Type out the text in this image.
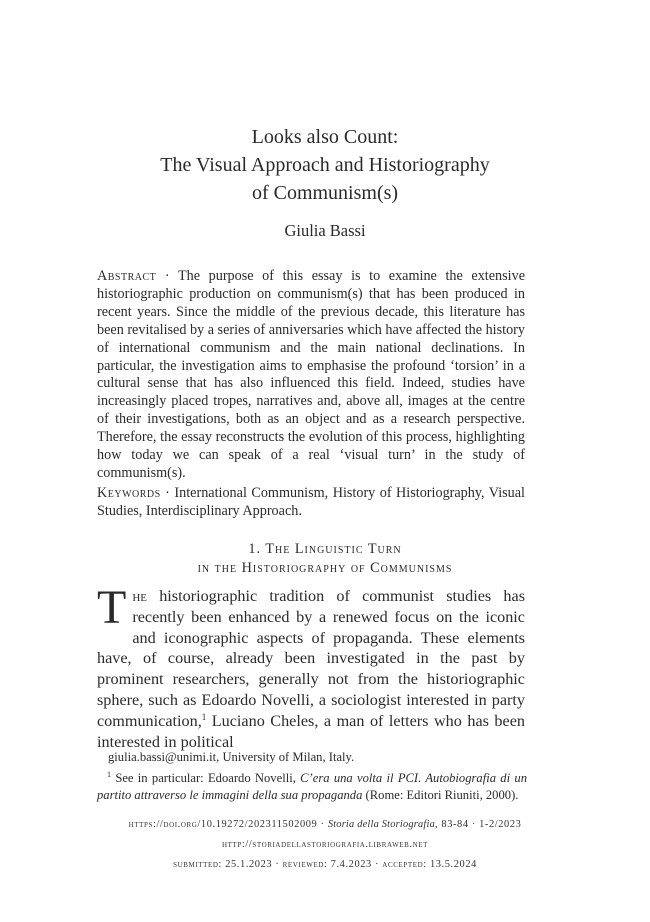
Looks also Count:
The Visual Approach and Historiography
of Communism(s)
Giulia Bassi

Abstract · The purpose of this essay is to examine the extensive historiographic production on communism(s) that has been produced in recent years. Since the middle of the previous decade, this literature has been revitalised by a series of anniversaries which have affected the history of international communism and the main national declinations. In particular, the investigation aims to emphasise the profound ‘torsion’ in a cultural sense that has also influenced this field. Indeed, studies have increasingly placed tropes, narratives and, above all, images at the centre of their investigations, both as an object and as a research perspective. Therefore, the essay reconstructs the evolution of this process, highlighting how today we can speak of a real ‘visual turn’ in the study of communism(s).

Keywords · International Communism, History of Historiography, Visual Studies, Interdisciplinary Approach.

1. The Linguistic Turn
in the Historiography of Communisms

The historiographic tradition of communist studies has recently been enhanced by a renewed focus on the iconic and iconographic aspects of propaganda. These elements have, of course, already been investigated in the past by prominent researchers, generally not from the historiographic sphere, such as Edoardo Novelli, a sociologist interested in party communication,$^1$ Luciano Cheles, a man of letters who has been interested in political

giulia.bassi@unimi.it, University of Milan, Italy.

$^1$ See in particular: Edoardo Novelli, C’era una volta il PCI. Autobiografia di un partito attraverso le immagini della sua propaganda (Rome: Editori Riuniti, 2000).

https://doi.org/10.19272/202311502009 · Storia della Storiografia, 83-84 · 1-2/2023
http://storiadellastoriografia.libraweb.net
submitted: 25.1.2023 · reviewed: 7.4.2023 · accepted: 13.5.2024
